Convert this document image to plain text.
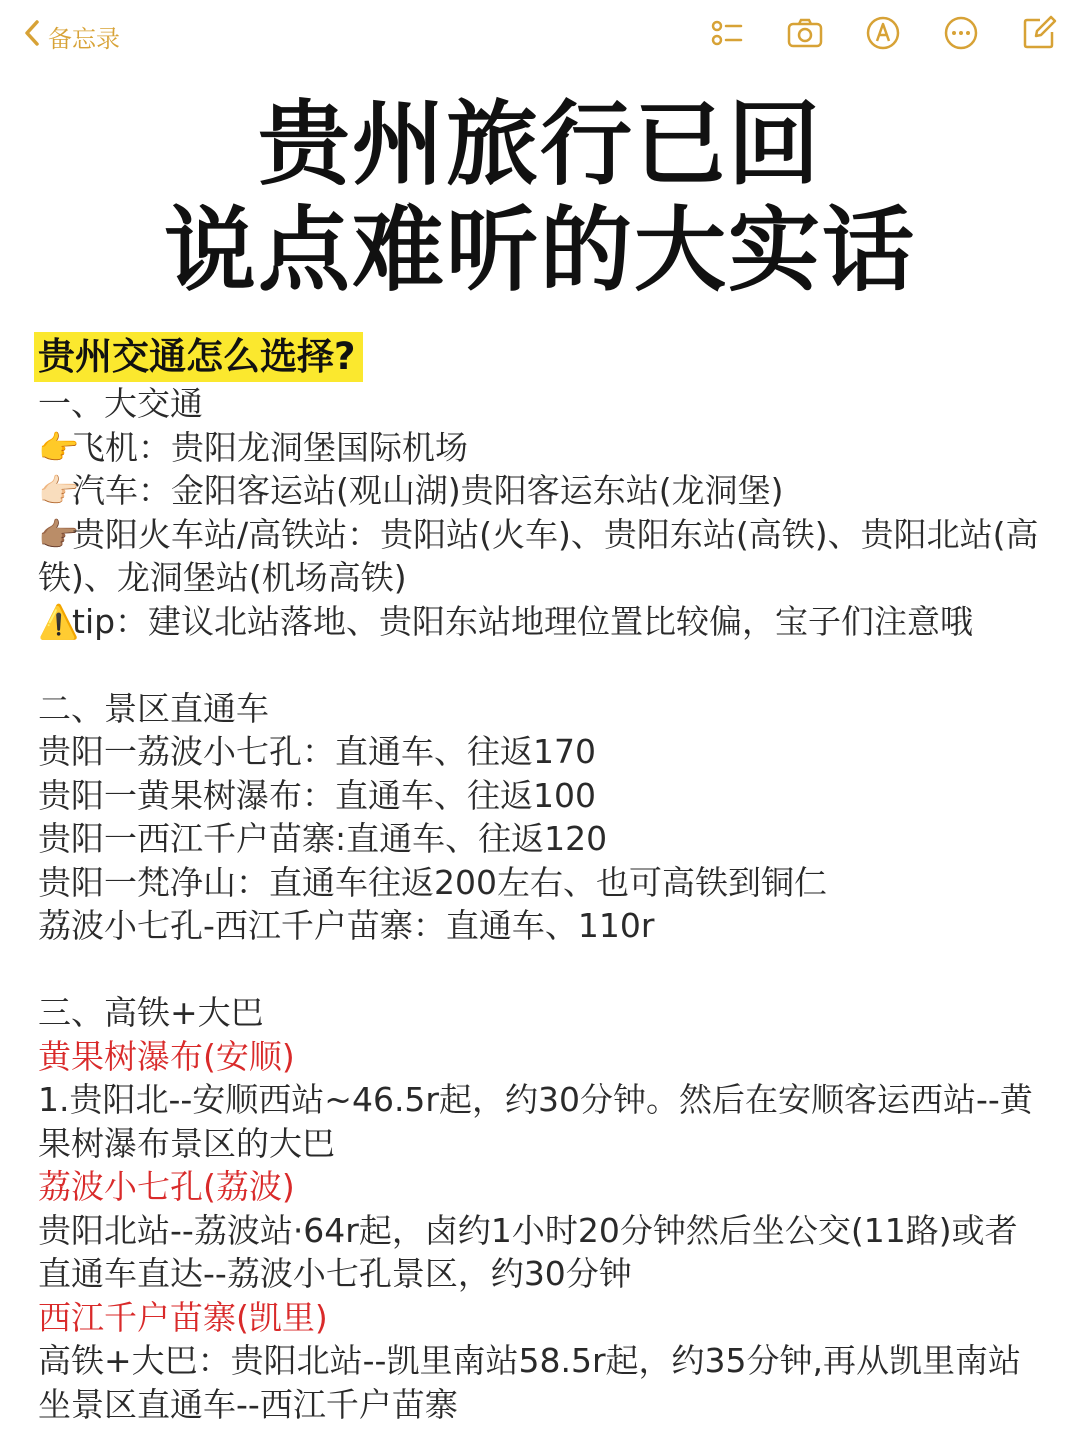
备忘录
贵州旅行已回
说点难听的大实话
贵州交通怎么选择?
一、大交通
👉飞机：贵阳龙洞堡国际机场
👉🏻汽车：金阳客运站(观山湖)贵阳客运东站(龙洞堡)
👉🏽贵阳火车站/高铁站：贵阳站(火车)、贵阳东站(高铁)、贵阳北站(高铁)、龙洞堡站(机场高铁)
⚠️tip：建议北站落地、贵阳东站地理位置比较偏，宝子们注意哦
二、景区直通车
贵阳一荔波小七孔：直通车、往返170
贵阳一黄果树瀑布：直通车、往返100
贵阳一西江千户苗寨:直通车、往返120
贵阳一梵净山：直通车往返200左右、也可高铁到铜仁
荔波小七孔-西江千户苗寨：直通车、110r
三、高铁+大巴
黄果树瀑布(安顺)
1.贵阳北--安顺西站~46.5r起，约30分钟。然后在安顺客运西站--黄果树瀑布景区的大巴
荔波小七孔(荔波)
贵阳北站--荔波站·64r起，卤约1小时20分钟然后坐公交(11路)或者直通车直达--荔波小七孔景区，约30分钟
西江千户苗寨(凯里)
高铁+大巴：贵阳北站--凯里南站58.5r起，约35分钟,再从凯里南站坐景区直通车--西江千户苗寨
